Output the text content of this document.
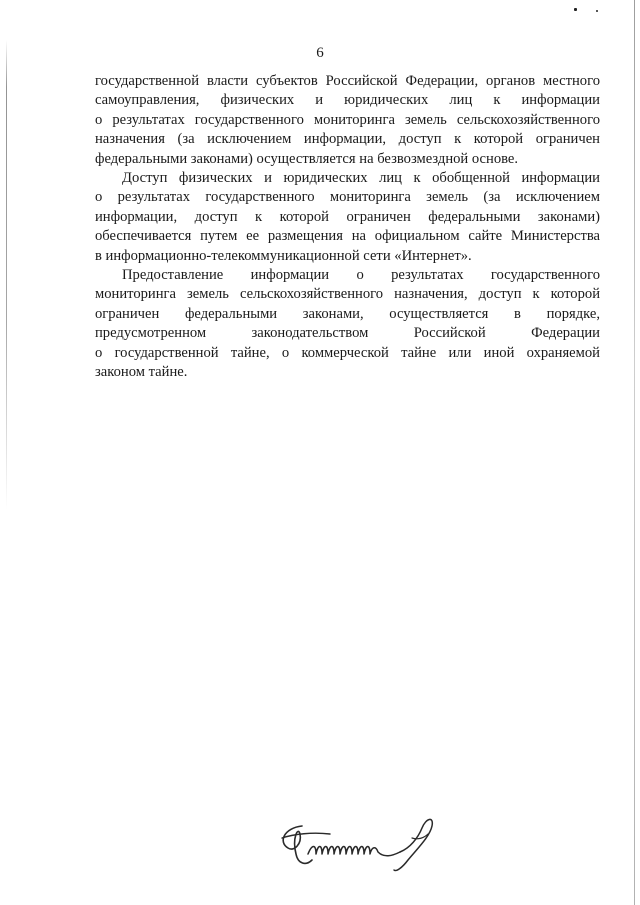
6
государственной власти субъектов Российской Федерации, органов местного
самоуправления, физических и юридических лиц к информации
о результатах государственного мониторинга земель сельскохозяйственного
назначения (за исключением информации, доступ к которой ограничен
федеральными законами) осуществляется на безвозмездной основе.
Доступ физических и юридических лиц к обобщенной информации
о результатах государственного мониторинга земель (за исключением
информации, доступ к которой ограничен федеральными законами)
обеспечивается путем ее размещения на официальном сайте Министерства
в информационно-телекоммуникационной сети «Интернет».
Предоставление информации о результатах государственного
мониторинга земель сельскохозяйственного назначения, доступ к которой
ограничен федеральными законами, осуществляется в порядке,
предусмотренном законодательством Российской Федерации
о государственной тайне, о коммерческой тайне или иной охраняемой
законом тайне.
